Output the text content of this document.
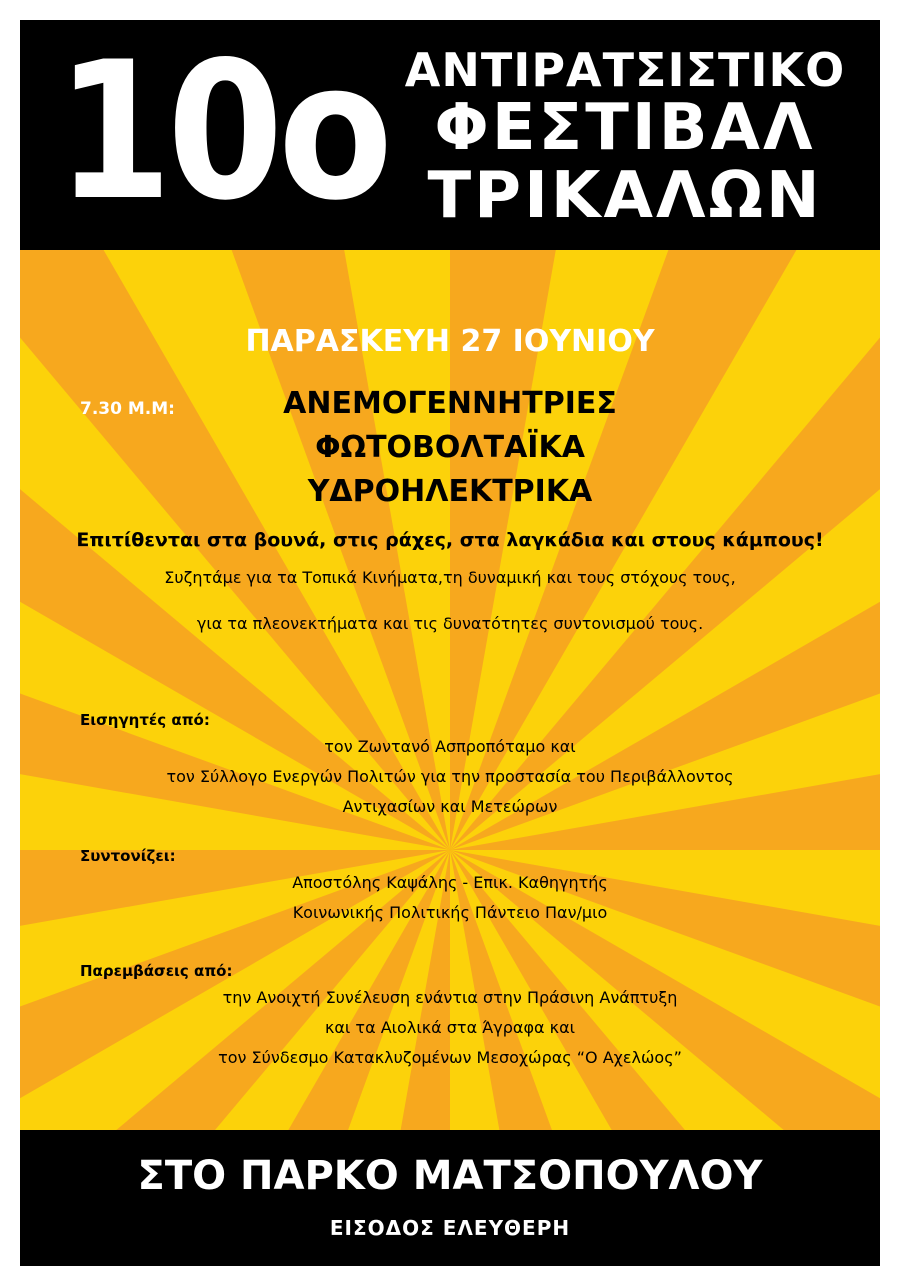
10ο ΑΝΤΙΡΑΤΣΙΣΤΙΚΟ
ΦΕΣΤΙΒΑΛ
ΤΡΙΚΑΛΩΝ
ΠΑΡΑΣΚΕΥΗ 27 ΙΟΥΝΙΟΥ
7.30 Μ.Μ:	ΑΝΕΜΟΓΕΝΝΗΤΡΙΕΣ
ΦΩΤΟΒΟΛΤΑΪΚΑ
ΥΔΡΟΗΛΕΚΤΡΙΚΑ
Επιτίθενται στα βουνά, στις ράχες, στα λαγκάδια και στους κάμπους!
Συζητάμε για τα Τοπικά Κινήματα,τη δυναμική και τους στόχους τους,
για τα πλεονεκτήματα και τις δυνατότητες συντονισμού τους.
Εισηγητές από:
τον Ζωντανό Ασπροπόταμο και
τον Σύλλογο Ενεργών Πολιτών για την προστασία του Περιβάλλοντος
Αντιχασίων και Μετεώρων
Συντονίζει:
Αποστόλης Καψάλης - Επικ. Καθηγητής
Κοινωνικής Πολιτικής Πάντειο Παν/μιο
Παρεμβάσεις από:
την Ανοιχτή Συνέλευση ενάντια στην Πράσινη Ανάπτυξη
και τα Αιολικά στα Άγραφα και
τον Σύνδεσμο Κατακλυζομένων Μεσοχώρας “Ο Αχελώος”
ΣΤΟ ΠΑΡΚΟ ΜΑΤΣΟΠΟΥΛΟΥ
ΕΙΣΟΔΟΣ ΕΛΕΥΘΕΡΗ
